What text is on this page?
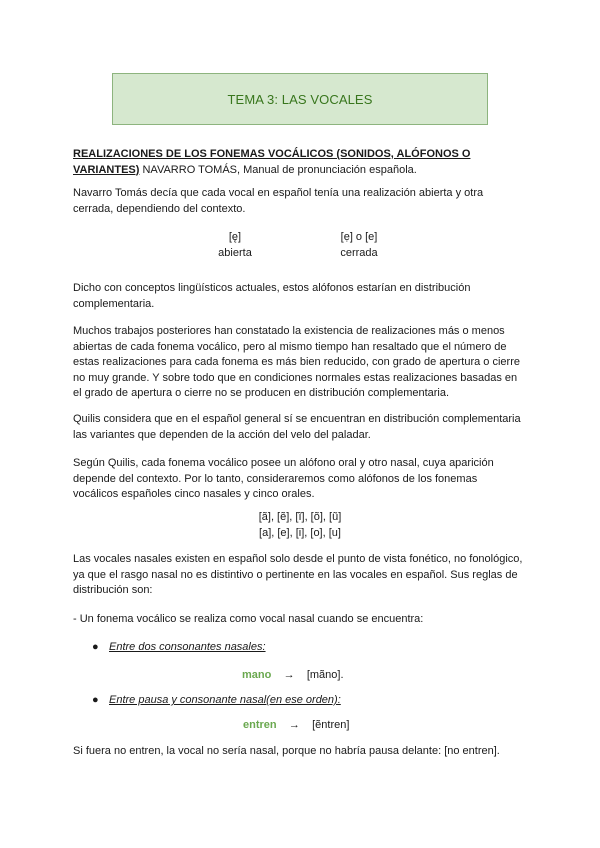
TEMA 3: LAS VOCALES

REALIZACIONES DE LOS FONEMAS VOCÁLICOS (SONIDOS, ALÓFONOS O
VARIANTES) NAVARRO TOMÁS, Manual de pronunciación española.

Navarro Tomás decía que cada vocal en español tenía una realización abierta y otra
cerrada, dependiendo del contexto.

[ę]
abierta
[ẹ] o [e]
cerrada

Dicho con conceptos lingüísticos actuales, estos alófonos estarían en distribución
complementaria.

Muchos trabajos posteriores han constatado la existencia de realizaciones más o menos
abiertas de cada fonema vocálico, pero al mismo tiempo han resaltado que el número de
estas realizaciones para cada fonema es más bien reducido, con grado de apertura o cierre
no muy grande. Y sobre todo que en condiciones normales estas realizaciones basadas en
el grado de apertura o cierre no se producen en distribución complementaria.

Quilis considera que en el español general sí se encuentran en distribución complementaria
las variantes que dependen de la acción del velo del paladar.

Según Quilis, cada fonema vocálico posee un alófono oral y otro nasal, cuya aparición
depende del contexto. Por lo tanto, consideraremos como alófonos de los fonemas
vocálicos españoles cinco nasales y cinco orales.

[ã], [ẽ], [ĩ], [õ], [ũ]
[a], [e], [i], [o], [u]

Las vocales nasales existen en español solo desde el punto de vista fonético, no fonológico,
ya que el rasgo nasal no es distintivo o pertinente en las vocales en español. Sus reglas de
distribución son:

- Un fonema vocálico se realiza como vocal nasal cuando se encuentra:

● Entre dos consonantes nasales:
mano → [mãno].
● Entre pausa y consonante nasal(en ese orden):
entren → [ẽntren]

Si fuera no entren, la vocal no sería nasal, porque no habría pausa delante: [no entren].
